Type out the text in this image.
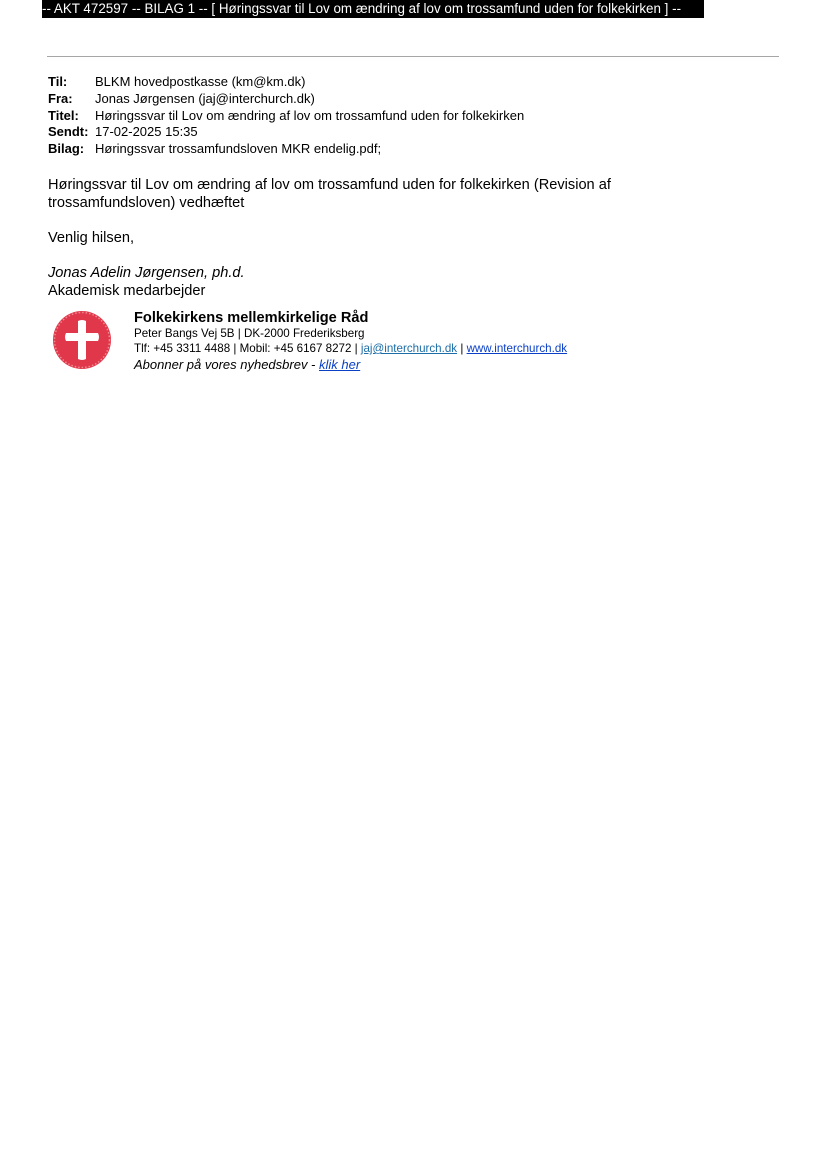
-- AKT 472597 -- BILAG 1 -- [ Høringssvar til Lov om ændring af lov om trossamfund uden for folkekirken ] --
Til:	BLKM hovedpostkasse (km@km.dk)
Fra:	Jonas Jørgensen (jaj@interchurch.dk)
Titel:	Høringssvar til Lov om ændring af lov om trossamfund uden for folkekirken
Sendt: 17-02-2025 15:35
Bilag: Høringssvar trossamfundsloven MKR endelig.pdf;

Høringssvar til Lov om ændring af lov om trossamfund uden for folkekirken (Revision af trossamfundsloven) vedhæftet

Venlig hilsen,

Jonas Adelin Jørgensen, ph.d.

Akademisk medarbejder

Folkekirkens mellemkirkelige Råd
Peter Bangs Vej 5B | DK-2000 Frederiksberg
Tlf: +45 3311 4488 | Mobil: +45 6167 8272 | jaj@interchurch.dk | www.interchurch.dk
Abonner på vores nyhedsbrev - klik her
